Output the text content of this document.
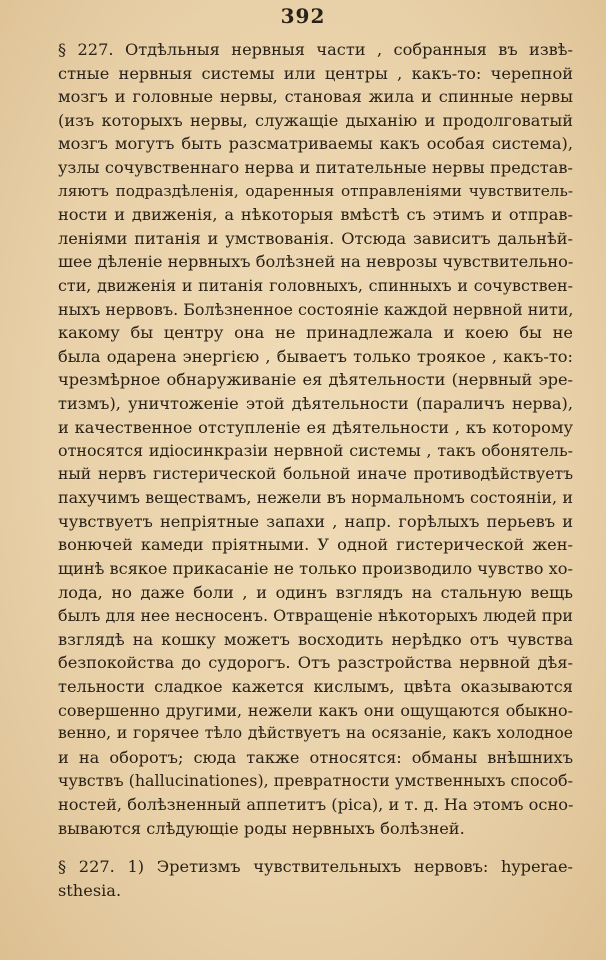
392
§ 227. Отдѣльныя нервныя части , собранныя въ извѣ-
стные нервныя системы или центры , какъ-то: черепной
мозгъ и головные нервы, становая жила и спинные нервы
(изъ которыхъ нервы, служащіе дыханію и продолговатый
мозгъ могутъ быть разсматриваемы какъ особая система),
узлы сочувственнаго нерва и питательные нервы представ-
ляютъ подраздѣленія, одаренныя отправленіями чувствитель-
ности и движенія, а нѣкоторыя вмѣстѣ съ этимъ и отправ-
леніями питанія и умствованія. Отсюда зависитъ дальнѣй-
шее дѣленіе нервныхъ болѣзней на неврозы чувствительно-
сти, движенія и питанія головныхъ, спинныхъ и сочувствен-
ныхъ нервовъ. Болѣзненное состояніе каждой нервной нити,
какому бы центру она не принадлежала и коею бы не
была одарена энергією , бываетъ только троякое , какъ-то:
чрезмѣрное обнаруживаніе ея дѣятельности (нервный эре-
тизмъ), уничтоженіе этой дѣятельности (параличъ нерва),
и качественное отступленіе ея дѣятельности , къ которому
относятся идіосинкразіи нервной системы , такъ обонятель-
ный нервъ гистерической больной иначе противодѣйствуетъ
пахучимъ веществамъ, нежели въ нормальномъ состояніи, и
чувствуетъ непріятные запахи , напр. горѣлыхъ перьевъ и
вонючей камеди пріятными. У одной гистерической жен-
щинѣ всякое прикасаніе не только производило чувство хо-
лода, но даже боли , и одинъ взглядъ на стальную вещь
былъ для нее несносенъ. Отвращеніе нѣкоторыхъ людей при
взглядѣ на кошку можетъ восходить нерѣдко отъ чувства
безпокойства до судорогъ. Отъ разстройства нервной дѣя-
тельности сладкое кажется кислымъ, цвѣта оказываются
совершенно другими, нежели какъ они ощущаются обыкно-
венно, и горячее тѣло дѣйствуетъ на осязаніе, какъ холодное
и на оборотъ; сюда также относятся: обманы внѣшнихъ
чувствъ (hallucinationes), превратности умственныхъ способ-
ностей, болѣзненный аппетитъ (pica), и т. д. На этомъ осно-
вываются слѣдующіе роды нервныхъ болѣзней.
§ 227. 1) Эретизмъ чувствительныхъ нервовъ: hyperae-
sthesia.
